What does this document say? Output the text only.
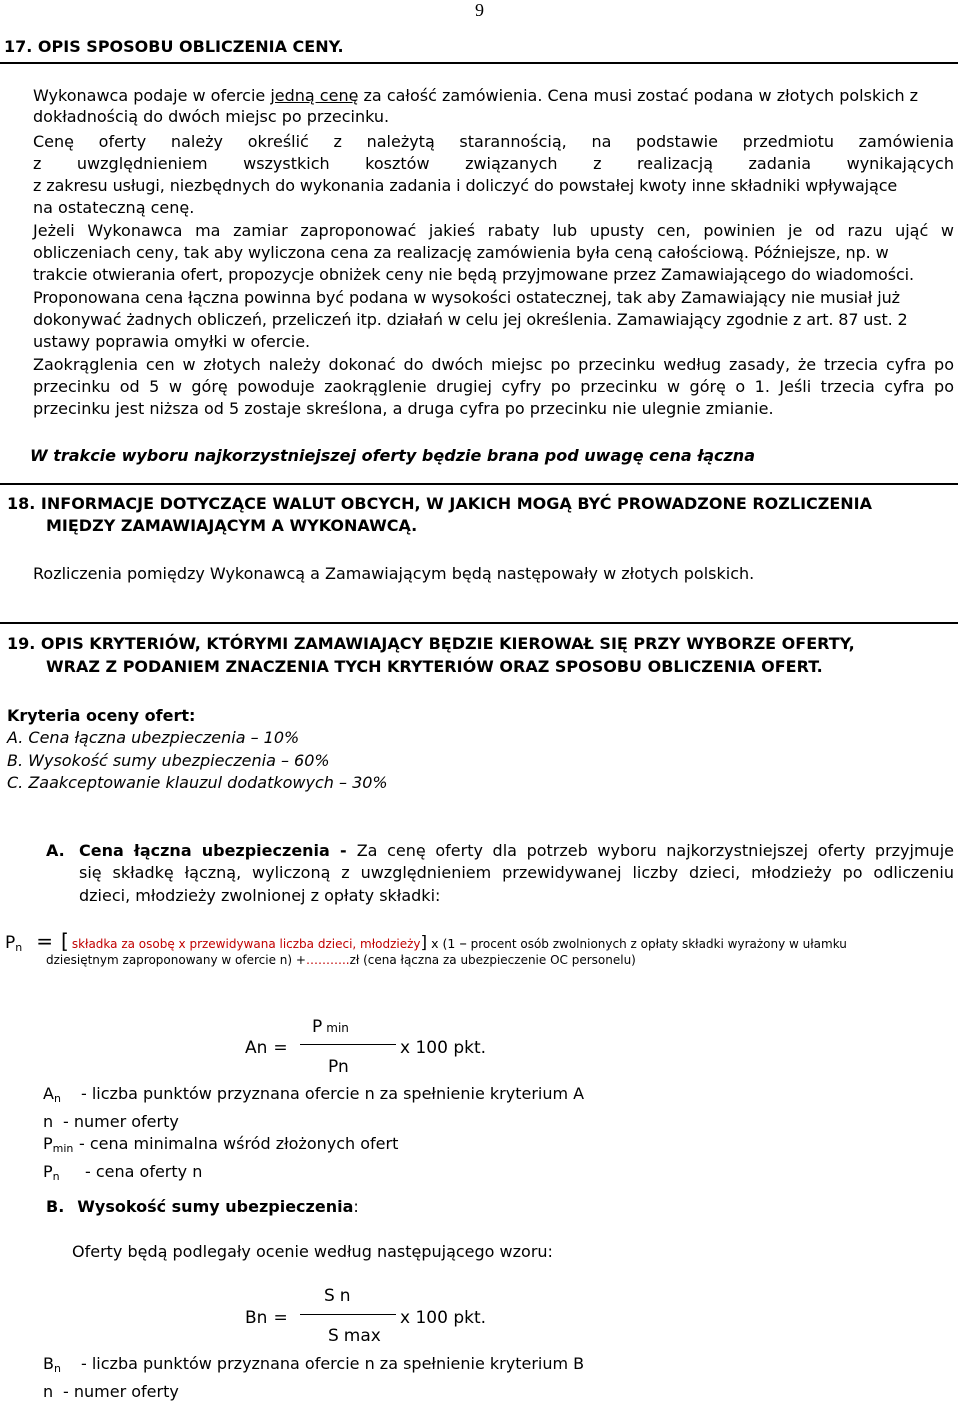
9
17. OPIS SPOSOBU OBLICZENIA CENY.
Wykonawca podaje w ofercie jedną cenę za całość zamówienia. Cena musi zostać podana w złotych polskich z
dokładnością do dwóch miejsc po przecinku.
Cenę oferty należy określić z należytą starannością, na podstawie przedmiotu zamówienia
z uwzględnieniem wszystkich kosztów związanych z realizacją zadania wynikających
z zakresu usługi, niezbędnych do wykonania zadania i doliczyć do powstałej kwoty inne składniki wpływające
na ostateczną cenę.
Jeżeli Wykonawca ma zamiar zaproponować jakieś rabaty lub upusty cen, powinien je od razu ująć w
obliczeniach ceny, tak aby wyliczona cena za realizację zamówienia była ceną całościową. Późniejsze, np. w
trakcie otwierania ofert, propozycje obniżek ceny nie będą przyjmowane przez Zamawiającego do wiadomości.
Proponowana cena łączna powinna być podana w wysokości ostatecznej, tak aby Zamawiający nie musiał już
dokonywać żadnych obliczeń, przeliczeń itp. działań w celu jej określenia. Zamawiający zgodnie z art. 87 ust. 2
ustawy poprawia omyłki w ofercie.
Zaokrąglenia cen w złotych należy dokonać do dwóch miejsc po przecinku według zasady, że trzecia cyfra po
przecinku od 5 w górę powoduje zaokrąglenie drugiej cyfry po przecinku w górę o 1. Jeśli trzecia cyfra po
przecinku jest niższa od 5 zostaje skreślona, a druga cyfra po przecinku nie ulegnie zmianie.
W trakcie wyboru najkorzystniejszej oferty będzie brana pod uwagę cena łączna
18. INFORMACJE DOTYCZĄCE WALUT OBCYCH, W JAKICH MOGĄ BYĆ PROWADZONE ROZLICZENIA
MIĘDZY ZAMAWIAJĄCYM A WYKONAWCĄ.
Rozliczenia pomiędzy Wykonawcą a Zamawiającym będą następowały w złotych polskich.
19. OPIS KRYTERIÓW, KTÓRYMI ZAMAWIAJĄCY BĘDZIE KIEROWAŁ SIĘ PRZY WYBORZE OFERTY,
WRAZ Z PODANIEM ZNACZENIA TYCH KRYTERIÓW ORAZ SPOSOBU OBLICZENIA OFERT.
Kryteria oceny ofert:
A. Cena łączna ubezpieczenia – 10%
B. Wysokość sumy ubezpieczenia – 60%
C. Zaakceptowanie klauzul dodatkowych – 30%
A. Cena łączna ubezpieczenia - Za cenę oferty dla potrzeb wyboru najkorzystniejszej oferty przyjmuje
się składkę łączną, wyliczoną z uwzględnieniem przewidywanej liczby dzieci, młodzieży po odliczeniu
dzieci, młodzieży zwolnionej z opłaty składki:
$P_n$ = [ składka za osobę x przewidywana liczba dzieci, młodzieży] x (1 – procent osób zwolnionych z opłaty składki wyrażony w ułamku
dziesiętnym zaproponowany w ofercie n) +………..zł (cena łączna za ubezpieczenie OC personelu)
P min
An =	x 100 pkt.
Pn
$A_n$ - liczba punktów przyznana ofercie n za spełnienie kryterium A
n - numer oferty
$P_{min}$ - cena minimalna wśród złożonych ofert
$P_n$ - cena oferty n
B. Wysokość sumy ubezpieczenia:
Oferty będą podlegały ocenie według następującego wzoru:
S n
Bn =	x 100 pkt.
S max
$B_n$ - liczba punktów przyznana ofercie n za spełnienie kryterium B
n - numer oferty
